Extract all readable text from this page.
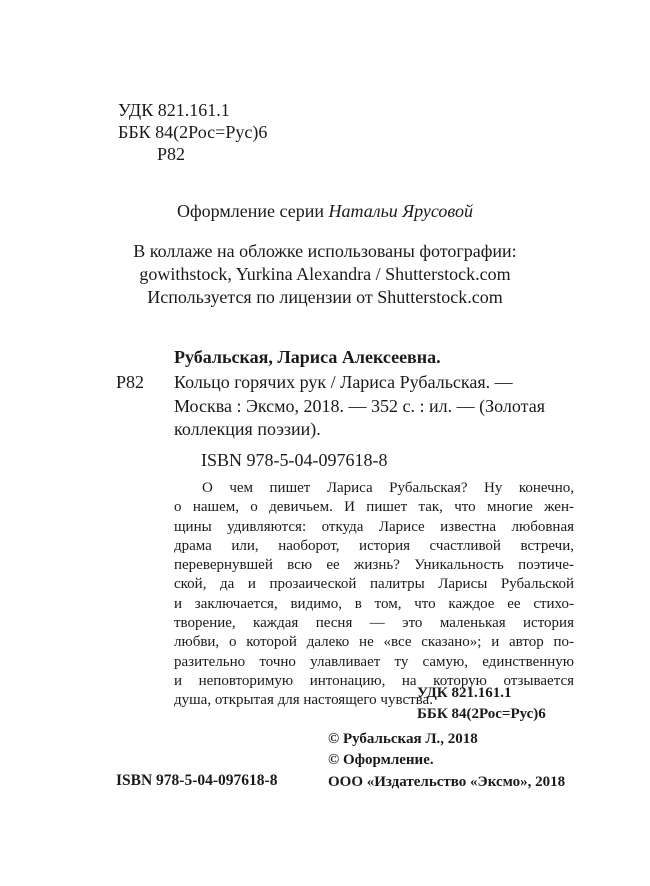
УДК 821.161.1
ББК 84(2Рос=Рус)6
Р82
Оформление серии Натальи Ярусовой
В коллаже на обложке использованы фотографии:
gowithstock, Yurkina Alexandra / Shutterstock.com
Используется по лицензии от Shutterstock.com
Рубальская, Лариса Алексеевна.
Р82 Кольцо горячих рук / Лариса Рубальская. —
Москва : Эксмо, 2018. — 352 с. : ил. — (Золотая
коллекция поэзии).
ISBN 978-5-04-097618-8
О чем пишет Лариса Рубальская? Ну конечно,
о нашем, о девичьем. И пишет так, что многие жен-
щины удивляются: откуда Ларисе известна любовная
драма или, наоборот, история счастливой встречи,
перевернувшей всю ее жизнь? Уникальность поэтиче-
ской, да и прозаической палитры Ларисы Рубальской
и заключается, видимо, в том, что каждое ее стихо-
творение, каждая песня — это маленькая история
любви, о которой далеко не «все сказано»; и автор по-
разительно точно улавливает ту самую, единственную
и неповторимую интонацию, на которую отзывается
душа, открытая для настоящего чувства.
УДК 821.161.1
ББК 84(2Рос=Рус)6
© Рубальская Л., 2018
© Оформление.
ООО «Издательство «Эксмо», 2018
ISBN 978-5-04-097618-8
